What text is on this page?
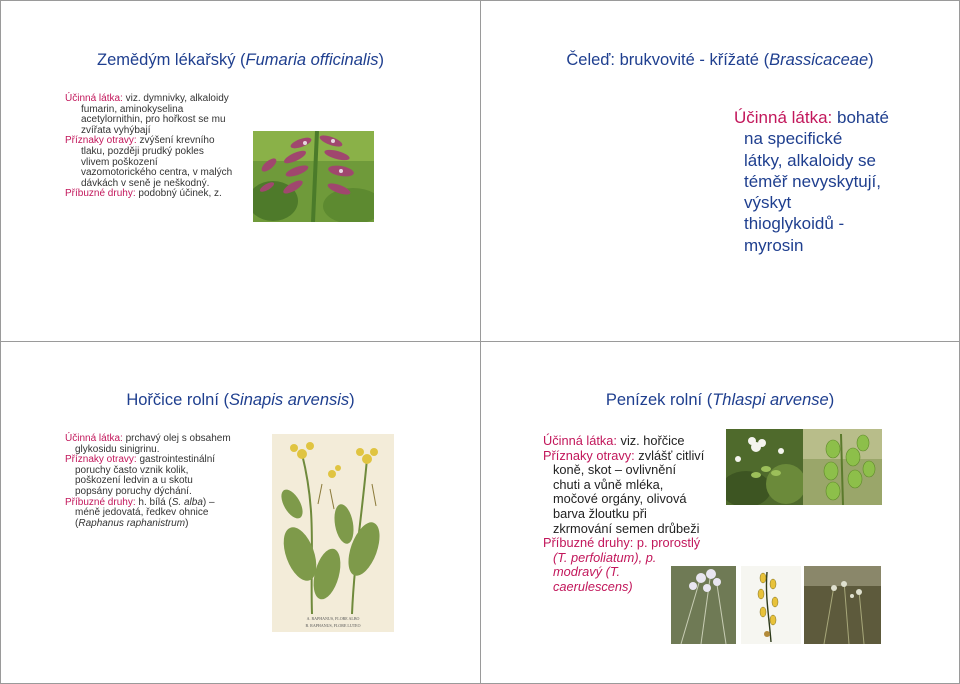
Zemědým lékařský (Fumaria officinalis)
Účinná látka: viz. dymnivky, alkaloidy
fumarin, aminokyselina
acetylornithin, pro hořkost se mu
zvířata vyhýbají
Příznaky otravy: zvýšení krevního
tlaku, později prudký pokles
vlivem poškození
vazomotorického centra, v malých
dávkách v seně je neškodný.
Příbuzné druhy: podobný účinek, z.
Čeleď: brukvovité - křížaté (Brassicaceae)
Účinná látka: bohaté

na specifické
látky, alkaloidy se
téměř nevyskytují,
výskyt
thioglykoidů -
myrosin
Hořčice rolní (Sinapis arvensis)
Účinná látka: prchavý olej s obsahem
glykosidu sinigrinu.
Příznaky otravy: gastrointestinální
poruchy často vznik kolik,
poškození ledvin a u skotu
popsány poruchy dýchání.
Příbuzné druhy: h. bílá (S. alba) –
méně jedovatá, ředkev ohnice
(Raphanus raphanistrum)
A. RAPHANUS, FLORE ALBO
B. RAPHANUS, FLORE LUTEO
Penízek rolní (Thlaspi arvense)
Účinná látka: viz. hořčice
Příznaky otravy: zvlášť citliví
koně, skot – ovlivnění
chuti a vůně mléka,
močové orgány, olivová
barva žloutku při
zkrmování semen drůbeži
Příbuzné druhy: p. prorostlý
(T. perfoliatum), p.
modravý (T.
caerulescens)
